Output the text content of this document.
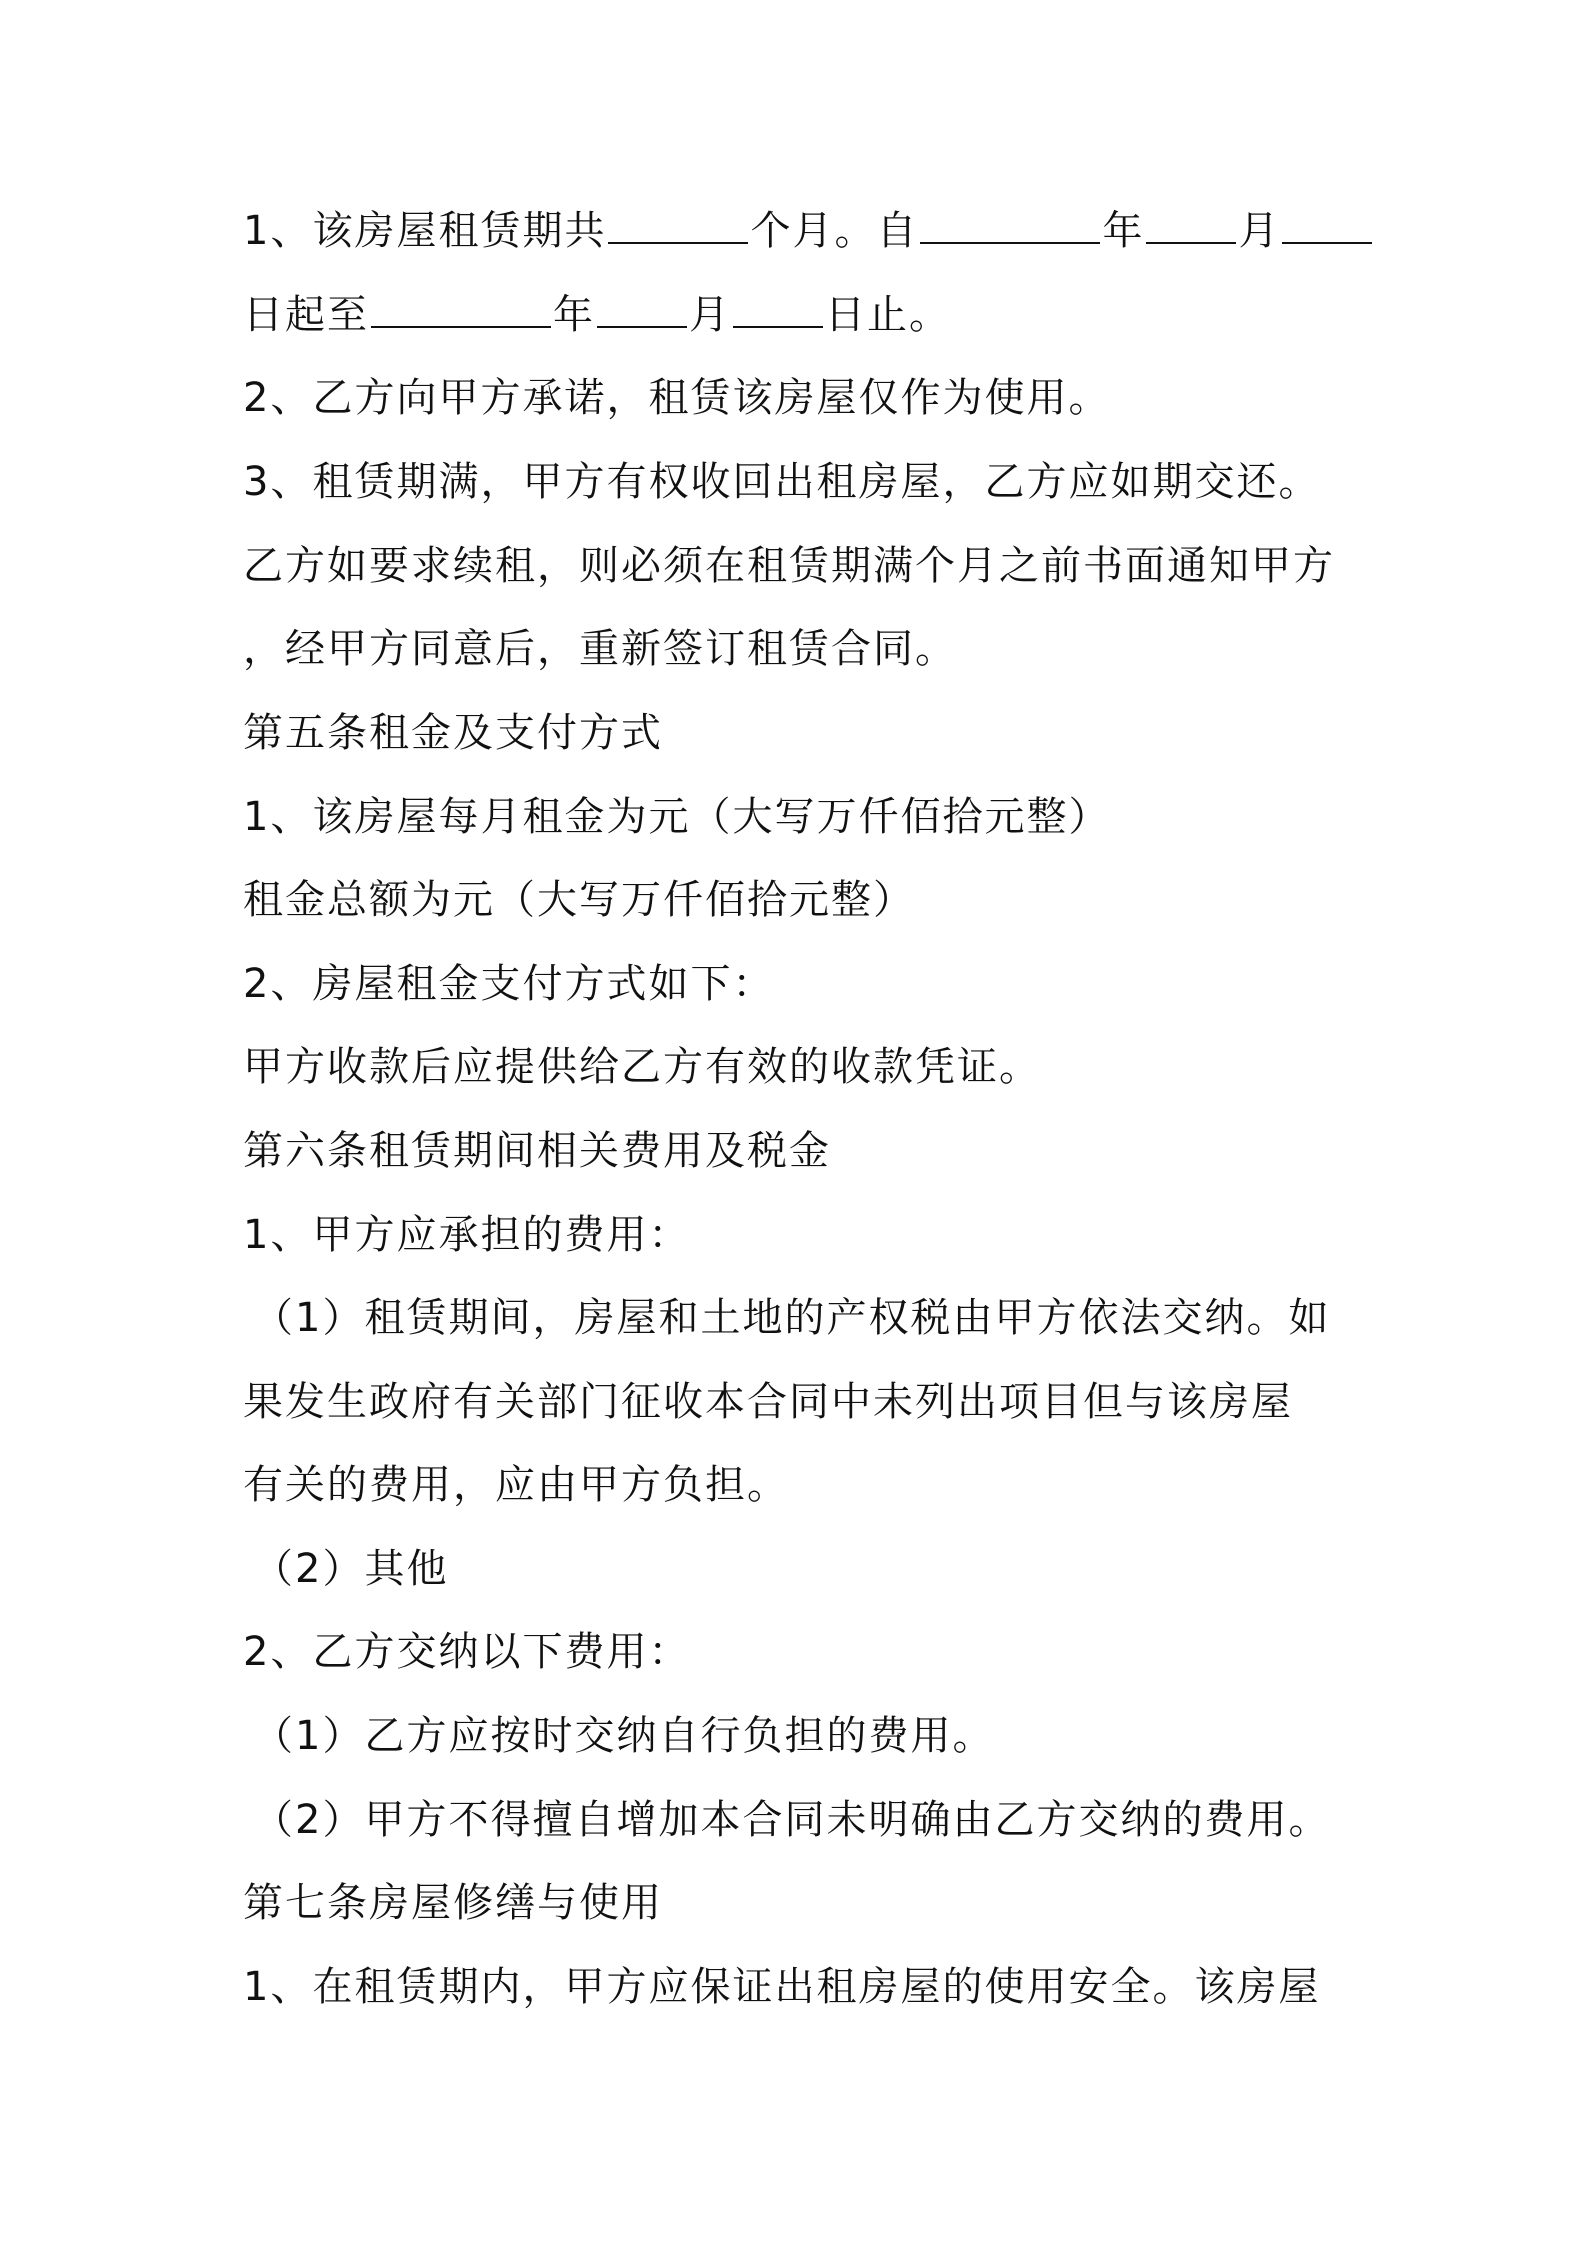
1、该房屋租赁期共	个月。自	年 月
日起至	年 月 日止。
2、乙方向甲方承诺，租赁该房屋仅作为使用。
3、租赁期满，甲方有权收回出租房屋，乙方应如期交还。
乙方如要求续租，则必须在租赁期满个月之前书面通知甲方
，经甲方同意后，重新签订租赁合同。
第五条租金及支付方式
1、该房屋每月租金为元（大写万仟佰拾元整）
租金总额为元（大写万仟佰拾元整）
2、房屋租金支付方式如下：
甲方收款后应提供给乙方有效的收款凭证。
第六条租赁期间相关费用及税金
1、甲方应承担的费用：
（1）租赁期间，房屋和土地的产权税由甲方依法交纳。如
果发生政府有关部门征收本合同中未列出项目但与该房屋
有关的费用，应由甲方负担。
（2）其他
2、乙方交纳以下费用：
（1）乙方应按时交纳自行负担的费用。
（2）甲方不得擅自增加本合同未明确由乙方交纳的费用。
第七条房屋修缮与使用
1、在租赁期内，甲方应保证出租房屋的使用安全。该房屋
